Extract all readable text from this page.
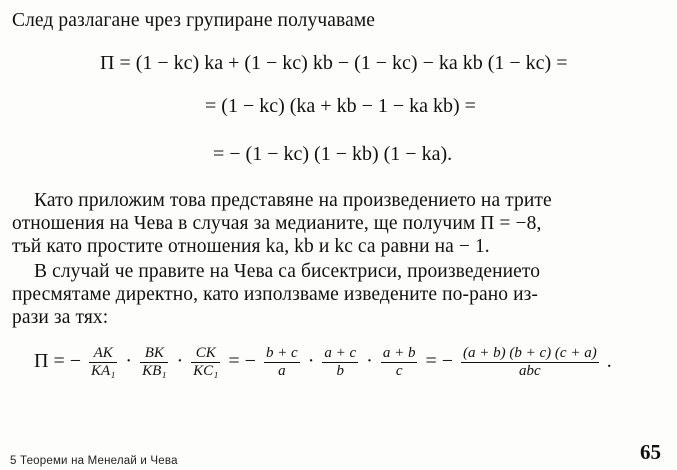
След разлагане чрез групиране получаваме
П = (1 − kc) ka + (1 − kc) kb − (1 − kc) − ka kb (1 − kc) =
= (1 − kc) (ka + kb − 1 − ka kb) =
= − (1 − kc) (1 − kb) (1 − ka).
Като приложим това представяне на произведението на трите
отношения на Чева в случая за медианите, ще получим П = −8,
тъй като простите отношения ka, kb и kc са равни на − 1.
В случай че правите на Чева са бисектриси, произведението
пресмятаме директно, като използваме изведените по-рано из-
рази за тях:
П = − $\frac{AK}{\text{KA₁}} \cdot \frac{BK}{\text{KB₁}} \cdot \frac{CK}{\text{KC₁}}$ = − $\frac{b + c}{a} \cdot \frac{a + c}{b} \cdot \frac{a + b}{c}$ = − $\frac{(a + b) (b + c) (c + a)}{\text{abc}}$ .
5 Теореми на Менелай и Чева	65
